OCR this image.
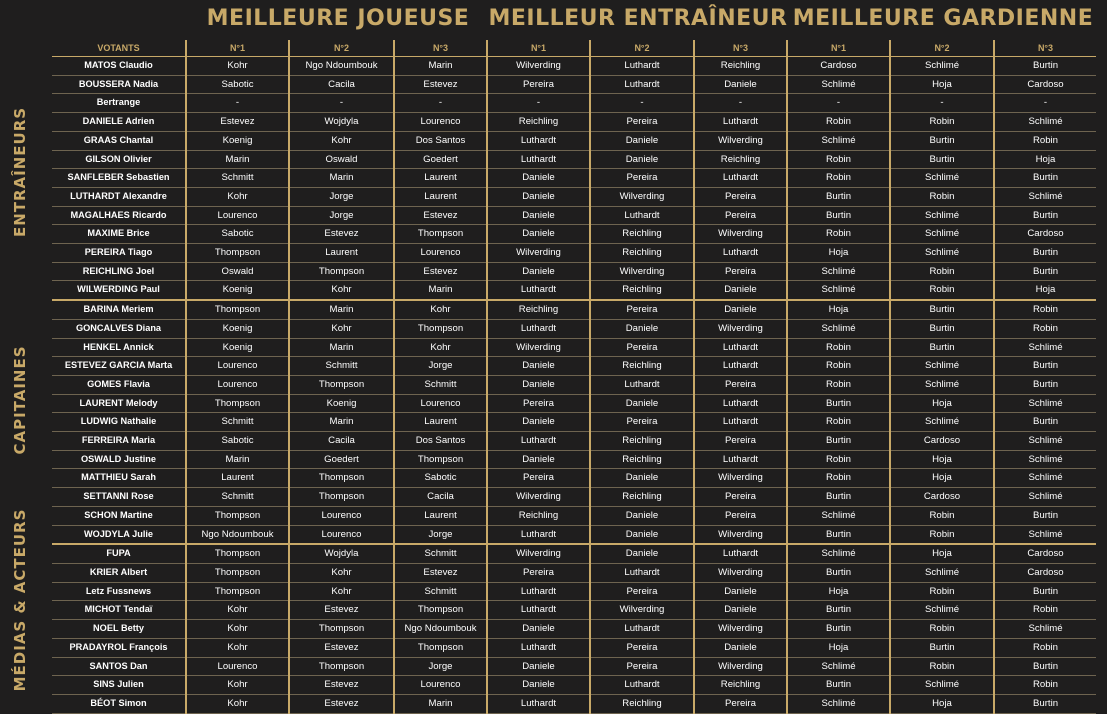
MEILLEURE JOUEUSE MEILLEUR ENTRAÎNEUR MEILLEURE GARDIENNE
ENTRAÎNEURS
CAPITAINES
MÉDIAS & ACTEURS
VOTANTS	N°1	N°2	N°3	N°1	N°2	N°3	N°1	N°2	N°3
MATOS Claudio	Kohr	Ngo Ndoumbouk	Marin	Wilverding	Luthardt	Reichling	Cardoso	Schlimé	Burtin
BOUSSERA Nadia	Sabotic	Cacila	Estevez	Pereira	Luthardt	Daniele	Schlimé	Hoja	Cardoso
Bertrange	-	-	-	-	-	-	-	-	-
DANIELE Adrien	Estevez	Wojdyla	Lourenco	Reichling	Pereira	Luthardt	Robin	Robin	Schlimé
GRAAS Chantal	Koenig	Kohr	Dos Santos	Luthardt	Daniele	Wilverding	Schlimé	Burtin	Robin
GILSON Olivier	Marin	Oswald	Goedert	Luthardt	Daniele	Reichling	Robin	Burtin	Hoja
SANFLEBER Sebastien	Schmitt	Marin	Laurent	Daniele	Pereira	Luthardt	Robin	Schlimé	Burtin
LUTHARDT Alexandre	Kohr	Jorge	Laurent	Daniele	Wilverding	Pereira	Burtin	Robin	Schlimé
MAGALHAES Ricardo	Lourenco	Jorge	Estevez	Daniele	Luthardt	Pereira	Burtin	Schlimé	Burtin
MAXIME Brice	Sabotic	Estevez	Thompson	Daniele	Reichling	Wilverding	Robin	Schlimé	Cardoso
PEREIRA Tiago	Thompson	Laurent	Lourenco	Wilverding	Reichling	Luthardt	Hoja	Schlimé	Burtin
REICHLING Joel	Oswald	Thompson	Estevez	Daniele	Wilverding	Pereira	Schlimé	Robin	Burtin
WILWERDING Paul	Koenig	Kohr	Marin	Luthardt	Reichling	Daniele	Schlimé	Robin	Hoja
BARINA Meriem	Thompson	Marin	Kohr	Reichling	Pereira	Daniele	Hoja	Burtin	Robin
GONCALVES Diana	Koenig	Kohr	Thompson	Luthardt	Daniele	Wilverding	Schlimé	Burtin	Robin
HENKEL Annick	Koenig	Marin	Kohr	Wilverding	Pereira	Luthardt	Robin	Burtin	Schlimé
ESTEVEZ GARCIA Marta	Lourenco	Schmitt	Jorge	Daniele	Reichling	Luthardt	Robin	Schlimé	Burtin
GOMES Flavia	Lourenco	Thompson	Schmitt	Daniele	Luthardt	Pereira	Robin	Schlimé	Burtin
LAURENT Melody	Thompson	Koenig	Lourenco	Pereira	Daniele	Luthardt	Burtin	Hoja	Schlimé
LUDWIG Nathalie	Schmitt	Marin	Laurent	Daniele	Pereira	Luthardt	Robin	Schlimé	Burtin
FERREIRA Maria	Sabotic	Cacila	Dos Santos	Luthardt	Reichling	Pereira	Burtin	Cardoso	Schlimé
OSWALD Justine	Marin	Goedert	Thompson	Daniele	Reichling	Luthardt	Robin	Hoja	Schlimé
MATTHIEU Sarah	Laurent	Thompson	Sabotic	Pereira	Daniele	Wilverding	Robin	Hoja	Schlimé
SETTANNI Rose	Schmitt	Thompson	Cacila	Wilverding	Reichling	Pereira	Burtin	Cardoso	Schlimé
SCHON Martine	Thompson	Lourenco	Laurent	Reichling	Daniele	Pereira	Schlimé	Robin	Burtin
WOJDYLA Julie	Ngo Ndoumbouk	Lourenco	Jorge	Luthardt	Daniele	Wilverding	Burtin	Robin	Schlimé
FUPA	Thompson	Wojdyla	Schmitt	Wilverding	Daniele	Luthardt	Schlimé	Hoja	Cardoso
KRIER Albert	Thompson	Kohr	Estevez	Pereira	Luthardt	Wilverding	Burtin	Schlimé	Cardoso
Letz Fussnews	Thompson	Kohr	Schmitt	Luthardt	Pereira	Daniele	Hoja	Robin	Burtin
MICHOT Tendaï	Kohr	Estevez	Thompson	Luthardt	Wilverding	Daniele	Burtin	Schlimé	Robin
NOEL Betty	Kohr	Thompson	Ngo Ndoumbouk	Daniele	Luthardt	Wilverding	Burtin	Robin	Schlimé
PRADAYROL François	Kohr	Estevez	Thompson	Luthardt	Pereira	Daniele	Hoja	Burtin	Robin
SANTOS Dan	Lourenco	Thompson	Jorge	Daniele	Pereira	Wilverding	Schlimé	Robin	Burtin
SINS Julien	Kohr	Estevez	Lourenco	Daniele	Luthardt	Reichling	Burtin	Schlimé	Robin
BÉOT Simon	Kohr	Estevez	Marin	Luthardt	Reichling	Pereira	Schlimé	Hoja	Burtin
